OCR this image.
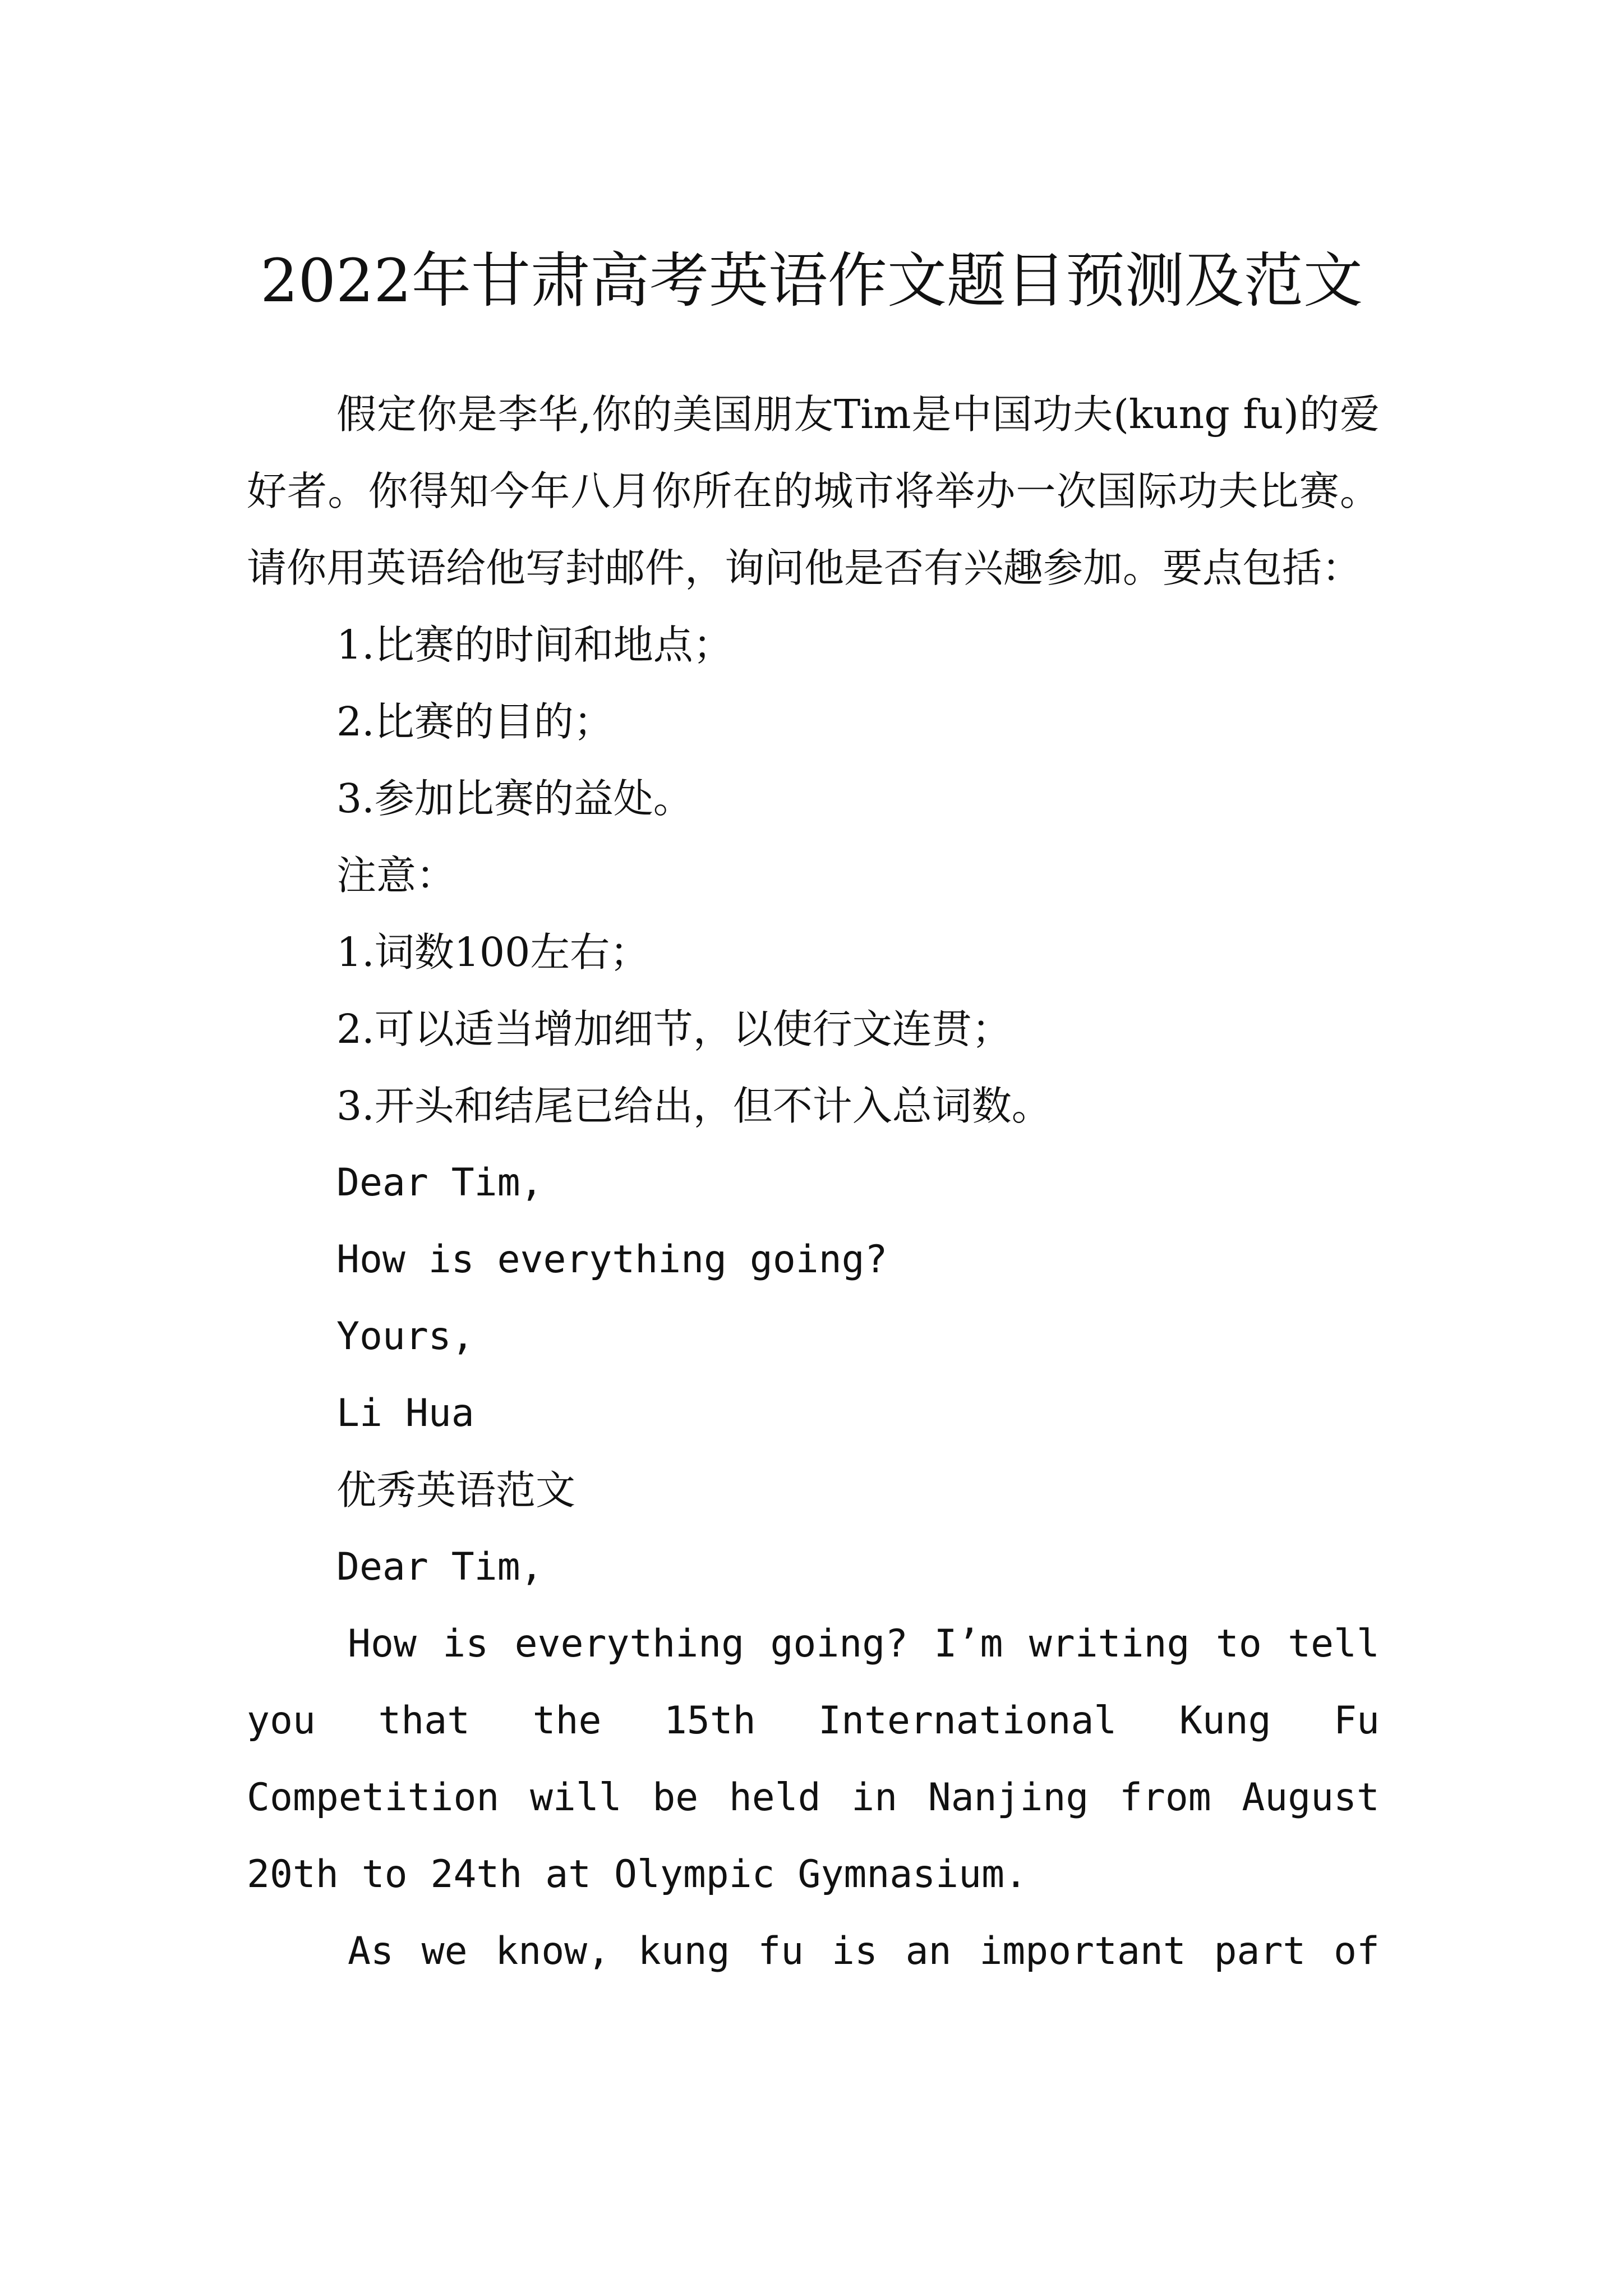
2022年甘肃高考英语作文题目预测及范文

假定你是李华,你的美国朋友Tim是中国功夫(kung fu)的爱好者。你得知今年八月你所在的城市将举办一次国际功夫比赛。请你用英语给他写封邮件，询问他是否有兴趣参加。要点包括：

1.比赛的时间和地点；

2.比赛的目的；

3.参加比赛的益处。

注意：

1.词数100左右；

2.可以适当增加细节，以使行文连贯；

3.开头和结尾已给出，但不计入总词数。

Dear Tim,

How is everything going?

Yours,

Li Hua

优秀英语范文

Dear Tim,

How is everything going? I’m writing to tell you that the 15th International Kung Fu Competition will be held in Nanjing from August 20th to 24th at Olympic Gymnasium.

As we know, kung fu is an important part of
